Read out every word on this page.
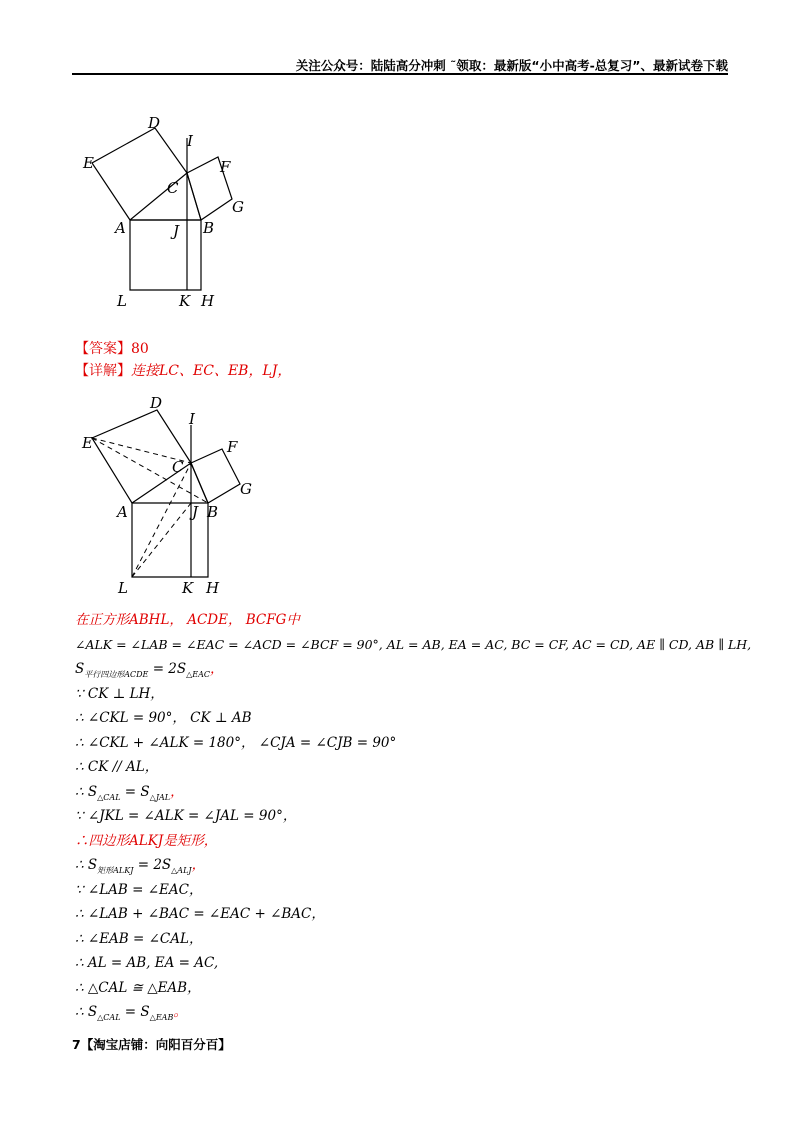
关注公众号：陆陆高分冲刺 ˜领取：最新版“小中高考-总复习”、最新试卷下载
D
I
E	F
C
G
A	J B
L	K H
【答案】80
【详解】连接LC、EC、EB，LJ，
D
I
E	F
C
G
A	J B
L	K H
在正方形ABHL， ACDE， BCFG中
∠ALK = ∠LAB = ∠EAC = ∠ACD = ∠BCF = 90°, AL = AB, EA = AC, BC = CF, AC = CD, AE ∥ CD, AB ∥ LH,
$S_{平行四边形ACDE} = 2S_{\triangle EAC}$，
∵ CK ⊥ LH，
∴ ∠CKL = 90°， CK ⊥ AB
∴ ∠CKL + ∠ALK = 180°， ∠CJA = ∠CJB = 90°
∴ CK // AL，
∴ $S_{\triangle CAL} = S_{\triangle JAL}$，
∵ ∠JKL = ∠ALK = ∠JAL = 90°，
∴四边形ALKJ是矩形，
∴ $S_{矩形ALKJ} = 2S_{\triangle ALJ}$，
∵ ∠LAB = ∠EAC，
∴ ∠LAB + ∠BAC = ∠EAC + ∠BAC，
∴ ∠EAB = ∠CAL，
∴ AL = AB, EA = AC,
∴ △CAL ≅ △EAB，
∴ $S_{\triangle CAL} = S_{\triangle EAB}$。
7【淘宝店铺：向阳百分百】
